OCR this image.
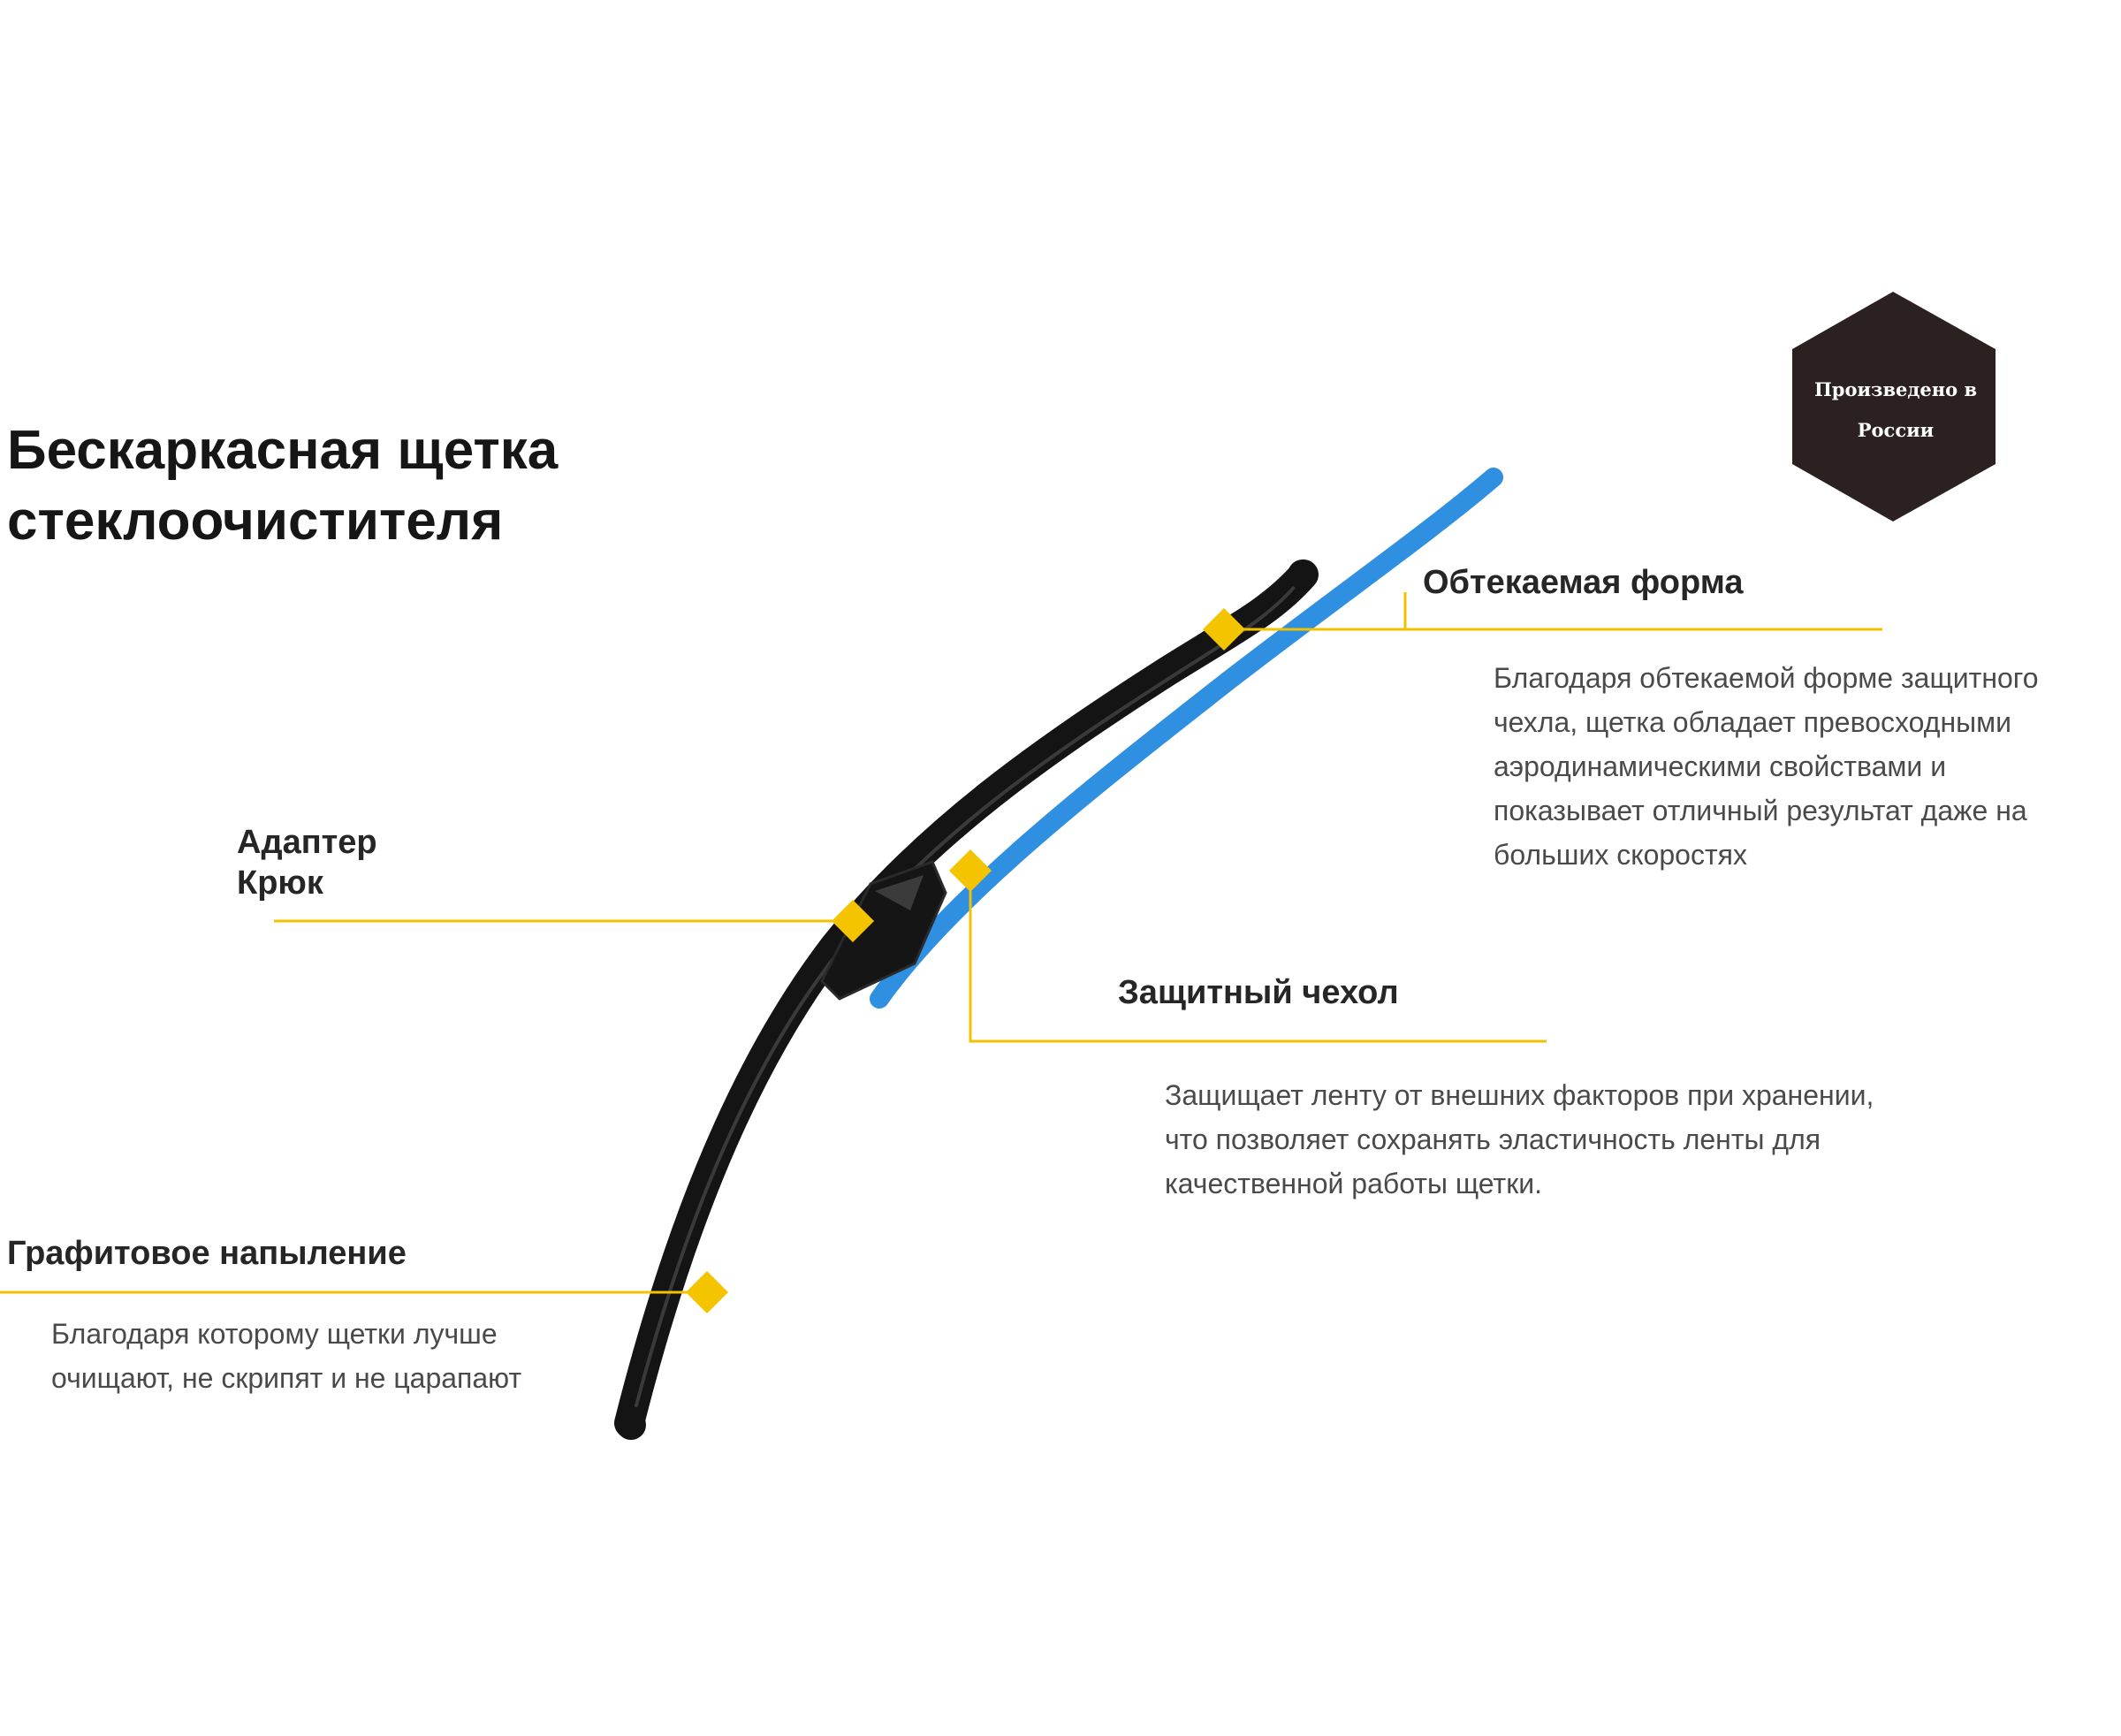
Бескаркасная щетка
стеклоочистителя
Произведено в
России
Обтекаемая форма
Благодаря обтекаемой форме защитного
чехла, щетка обладает превосходными
аэродинамическими свойствами и
показывает отличный результат даже на
больших скоростях
Адаптер
Крюк
Защитный чехол
Защищает ленту от внешних факторов при хранении,
что позволяет сохранять эластичность ленты для
качественной работы щетки.
Графитовое напыление
Благодаря которому щетки лучше
очищают, не скрипят и не царапают
